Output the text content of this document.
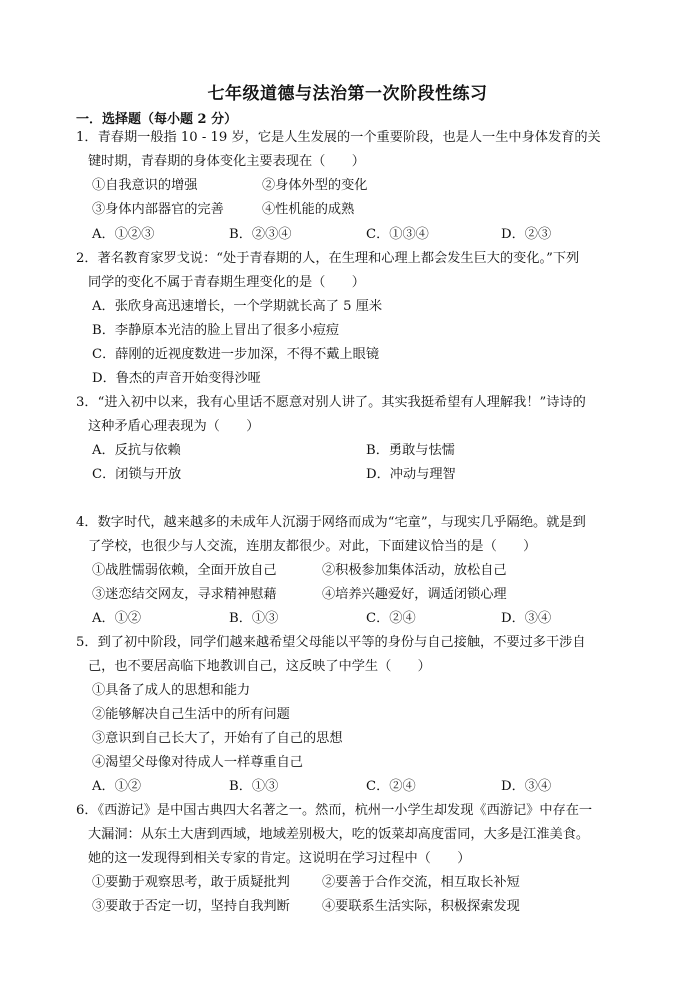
七年级道德与法治第一次阶段性练习
一．选择题（每小题 2 分）
1．青春期一般指 10 - 19 岁，它是人生发展的一个重要阶段，也是人一生中身体发育的关
键时期，青春期的身体变化主要表现在（　　）
①自我意识的增强	②身体外型的变化
③身体内部器官的完善	④性机能的成熟
A．①②③	B．②③④	C．①③④	D．②③
2．著名教育家罗戈说：“处于青春期的人，在生理和心理上都会发生巨大的变化。”下列
同学的变化不属于青春期生理变化的是（　　）
A．张欣身高迅速增长，一个学期就长高了 5 厘米
B．李静原本光洁的脸上冒出了很多小痘痘
C．薛刚的近视度数进一步加深，不得不戴上眼镜
D．鲁杰的声音开始变得沙哑
3．“进入初中以来，我有心里话不愿意对别人讲了。其实我挺希望有人理解我！”诗诗的
这种矛盾心理表现为（　　）
A．反抗与依赖	B．勇敢与怯懦
C．闭锁与开放	D．冲动与理智
4．数字时代，越来越多的未成年人沉溺于网络而成为“宅童”，与现实几乎隔绝。就是到
了学校，也很少与人交流，连朋友都很少。对此，下面建议恰当的是（　　）
①战胜懦弱依赖，全面开放自己	②积极参加集体活动，放松自己
③迷恋结交网友，寻求精神慰藉	④培养兴趣爱好，调适闭锁心理
A．①②	B．①③	C．②④	D．③④
5．到了初中阶段，同学们越来越希望父母能以平等的身份与自己接触，不要过多干涉自
己，也不要居高临下地教训自己，这反映了中学生（　　）
①具备了成人的思想和能力
②能够解决自己生活中的所有问题
③意识到自己长大了，开始有了自己的思想
④渴望父母像对待成人一样尊重自己
A．①②	B．①③	C．②④	D．③④
6．《西游记》是中国古典四大名著之一。然而，杭州一小学生却发现《西游记》中存在一
大漏洞：从东土大唐到西域，地域差别极大，吃的饭菜却高度雷同，大多是江淮美食。
她的这一发现得到相关专家的肯定。这说明在学习过程中（　　）
①要勤于观察思考，敢于质疑批判 ②要善于合作交流，相互取长补短
③要敢于否定一切，坚持自我判断 ④要联系生活实际，积极探索发现
